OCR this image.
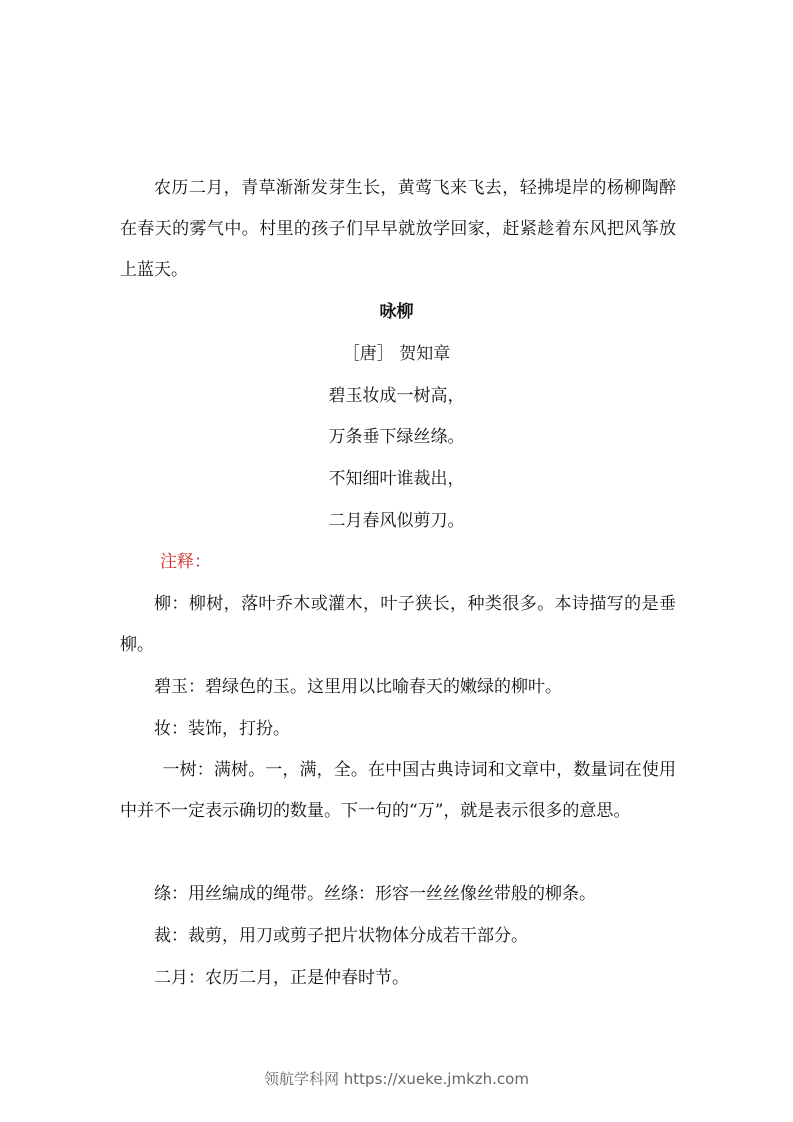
农历二月，青草渐渐发芽生长，黄莺飞来飞去，轻拂堤岸的杨柳陶醉在春天的雾气中。村里的孩子们早早就放学回家，赶紧趁着东风把风筝放上蓝天。

咏柳

［唐］ 贺知章

碧玉妆成一树高，

万条垂下绿丝绦。

不知细叶谁裁出，

二月春风似剪刀。

注释：

柳：柳树，落叶乔木或灌木，叶子狭长，种类很多。本诗描写的是垂柳。

碧玉：碧绿色的玉。这里用以比喻春天的嫩绿的柳叶。

妆：装饰，打扮。

一树：满树。一，满，全。在中国古典诗词和文章中，数量词在使用中并不一定表示确切的数量。下一句的“万”，就是表示很多的意思。

绦：用丝编成的绳带。丝绦：形容一丝丝像丝带般的柳条。

裁：裁剪，用刀或剪子把片状物体分成若干部分。

二月：农历二月，正是仲春时节。

领航学科网 https://xueke.jmkzh.com
